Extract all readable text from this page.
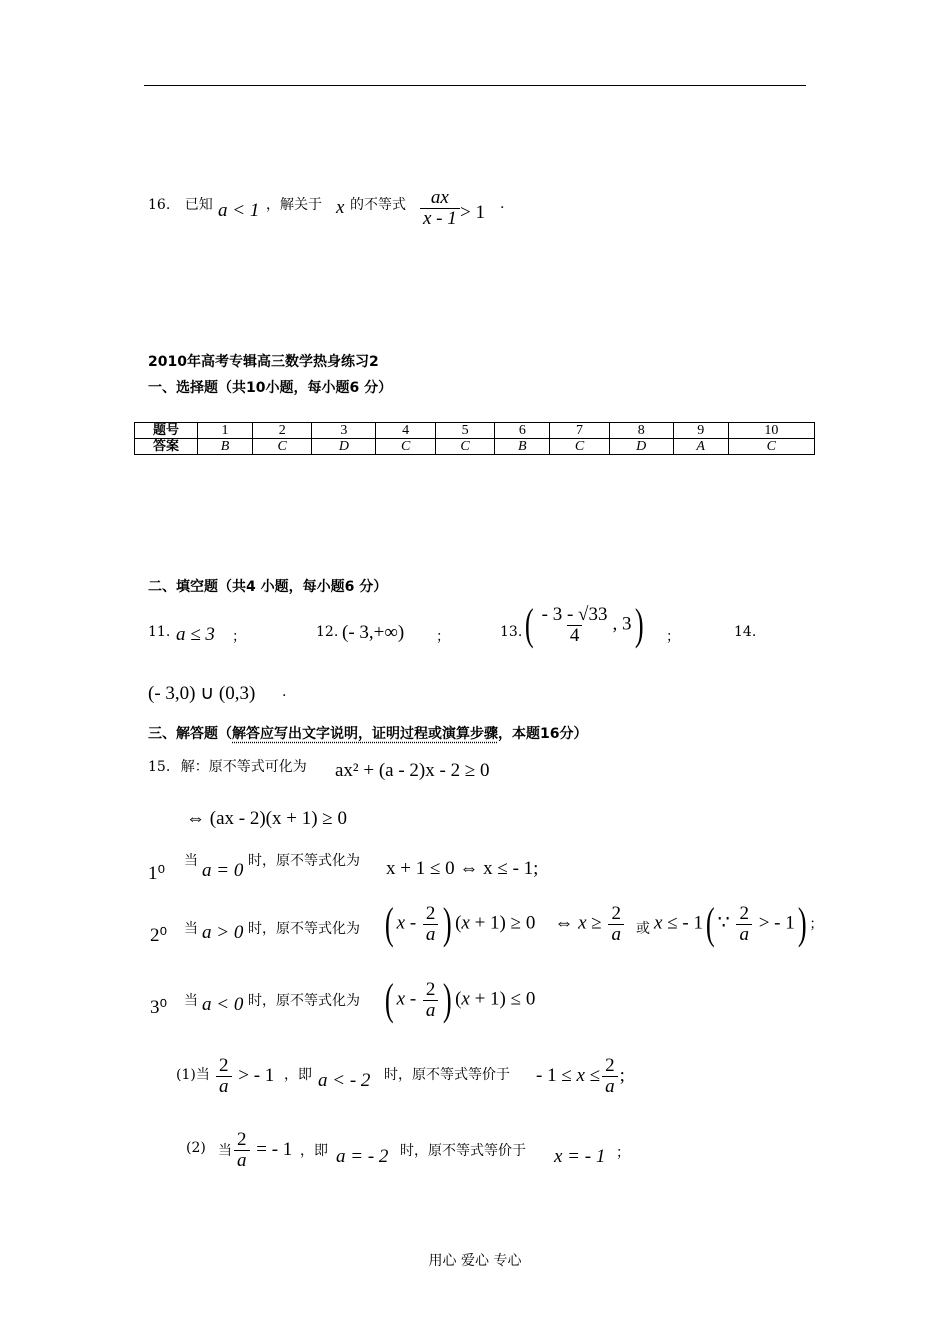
16. 已知 a < 1 ，解关于 x 的不等式 $\frac{ax}{x - 1} > 1$ .
2010年高考专辑高三数学热身练习2
一、选择题（共10小题，每小题6 分）
题号	1	2	3	4	5	6	7	8	9	10
答案	B	C	D	C	C	B	C	D	A	C
二、填空题（共4 小题，每小题6 分）
11. a ≤ 3 ；	12. (- 3,+∞) ；	13. ( $\frac{- 3 - √33}{4}$ , 3) ；	14.
(- 3,0) ∪ (0,3) .
三、解答题（解答应写出文字说明，证明过程或演算步骤，本题16分）
15. 解：原不等式可化为 ax² + (a - 2)x - 2 ≥ 0
⇔ (ax - 2)(x + 1) ≥ 0
1⁰
当 a = 0 时，原不等式化为 x + 1 ≤ 0 ⇔ x ≤ - 1;
2⁰ 当 a > 0 时，原不等式化为 ( x - $\frac{2}{a}$ ) (x + 1) ≥ 0    ⇔ $x \ge \frac{2}{a}$ 或 x ≤ - 1( ∵ $\frac{2}{a}$ > - 1) ；
3⁰ 当 a < 0 时，原不等式化为 ( x - $\frac{2}{a}$ ) (x + 1) ≤ 0
(1)当 $\frac{2}{a}$ > - 1 ，即 a < - 2 时，原不等式等价于 - $1 \le x \le \frac{2}{a}$ ;
(2) 当 $\frac{2}{a}$ = - 1 ，即 a = - 2 时，原不等式等价于 x = - 1 ；
用心 爱心 专心
